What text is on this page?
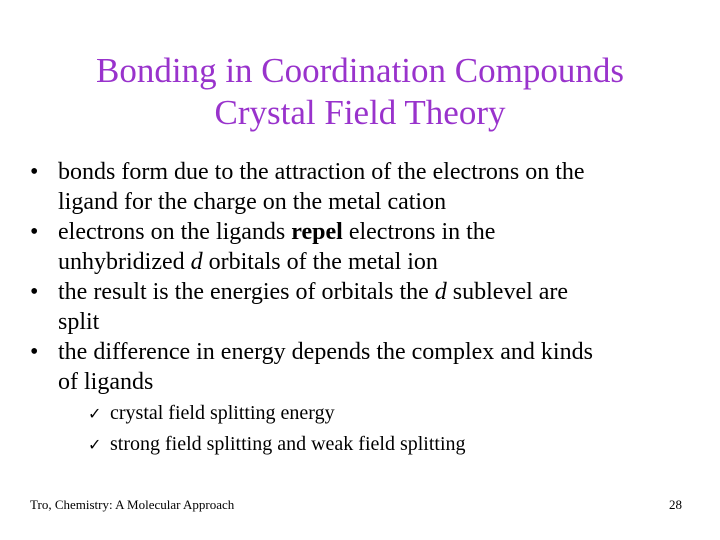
Bonding in Coordination Compounds
Crystal Field Theory
• bonds form due to the attraction of the electrons on the
ligand for the charge on the metal cation
• electrons on the ligands repel electrons in the
unhybridized d orbitals of the metal ion
• the result is the energies of orbitals the d sublevel are
split
• the difference in energy depends the complex and kinds
of ligands
✓ crystal field splitting energy
✓ strong field splitting and weak field splitting
Tro, Chemistry: A Molecular Approach	28
